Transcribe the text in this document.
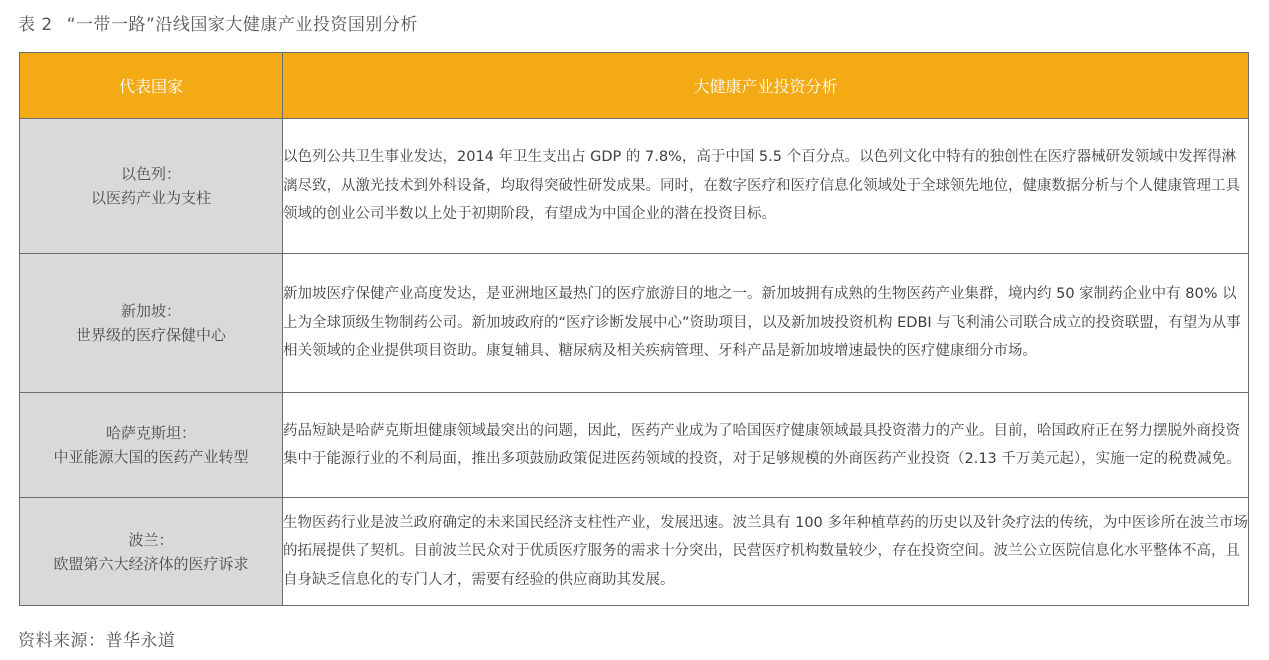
表 2 “一带一路”沿线国家大健康产业投资国别分析
代表国家	大健康产业投资分析

以色列：
以医药产业为支柱	以色列公共卫生事业发达，2014 年卫生支出占 GDP 的 7.8%，高于中国 5.5 个百分点。以色列文化中特有的独创性在医疗器械研发领域中发挥得淋漓尽致，从激光技术到外科设备，均取得突破性研发成果。同时，在数字医疗和医疗信息化领域处于全球领先地位，健康数据分析与个人健康管理工具领域的创业公司半数以上处于初期阶段，有望成为中国企业的潜在投资目标。

新加坡：
世界级的医疗保健中心	新加坡医疗保健产业高度发达，是亚洲地区最热门的医疗旅游目的地之一。新加坡拥有成熟的生物医药产业集群，境内约 50 家制药企业中有 80% 以上为全球顶级生物制药公司。新加坡政府的“医疗诊断发展中心”资助项目，以及新加坡投资机构 EDBI 与飞利浦公司联合成立的投资联盟，有望为从事相关领域的企业提供项目资助。康复辅具、糖尿病及相关疾病管理、牙科产品是新加坡增速最快的医疗健康细分市场。

哈萨克斯坦：
中亚能源大国的医药产业转型	药品短缺是哈萨克斯坦健康领域最突出的问题，因此，医药产业成为了哈国医疗健康领域最具投资潜力的产业。目前，哈国政府正在努力摆脱外商投资集中于能源行业的不利局面，推出多项鼓励政策促进医药领域的投资，对于足够规模的外商医药产业投资（2.13 千万美元起），实施一定的税费减免。

波兰：
欧盟第六大经济体的医疗诉求	生物医药行业是波兰政府确定的未来国民经济支柱性产业，发展迅速。波兰具有 100 多年种植草药的历史以及针灸疗法的传统，为中医诊所在波兰市场的拓展提供了契机。目前波兰民众对于优质医疗服务的需求十分突出，民营医疗机构数量较少，存在投资空间。波兰公立医院信息化水平整体不高，且自身缺乏信息化的专门人才，需要有经验的供应商助其发展。
资料来源：普华永道
